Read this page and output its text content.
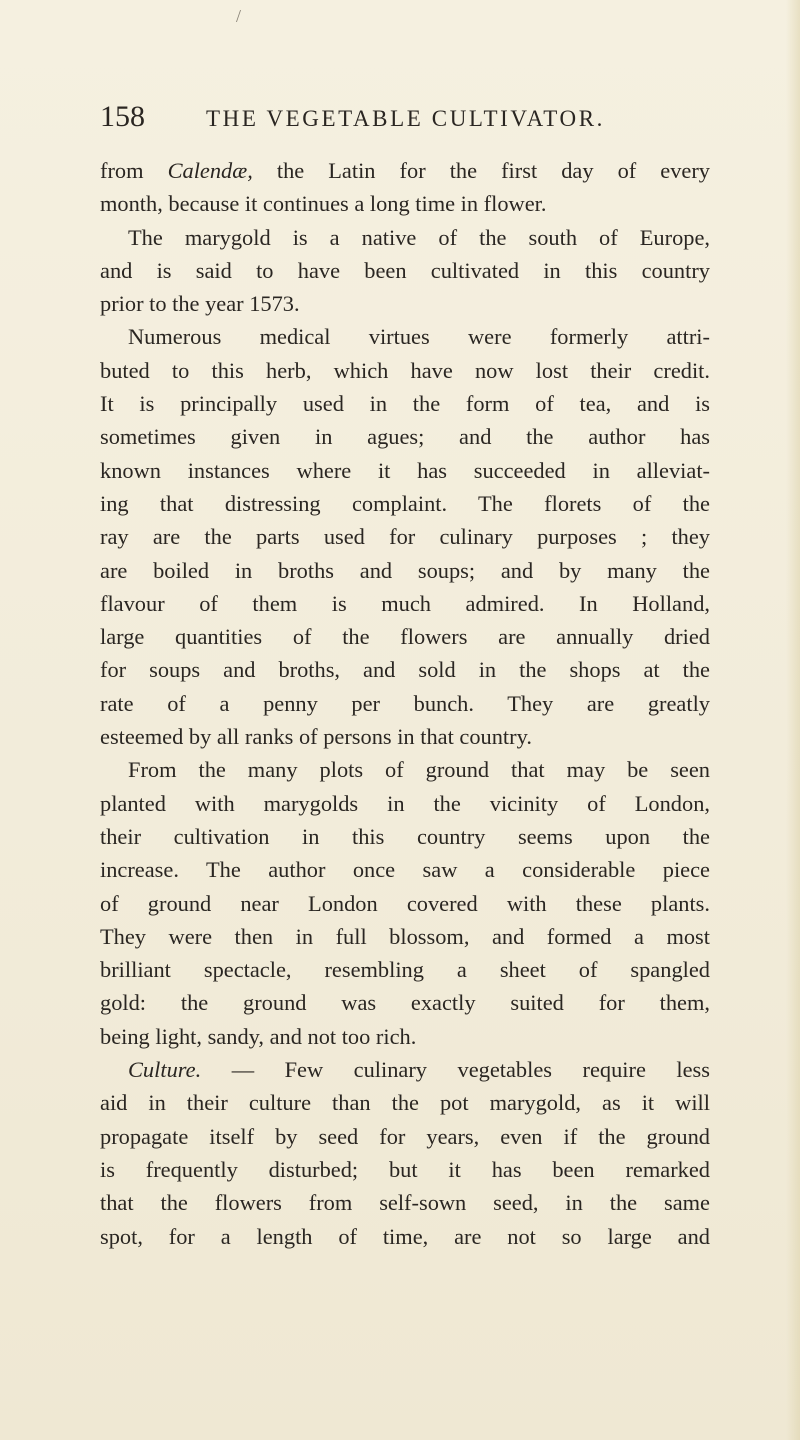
/
158	THE VEGETABLE CULTIVATOR.
from Calendæ, the Latin for the first day of every
month, because it continues a long time in flower.
The marygold is a native of the south of Europe,
and is said to have been cultivated in this country
prior to the year 1573.
Numerous medical virtues were formerly attri-
buted to this herb, which have now lost their credit.
It is principally used in the form of tea, and is
sometimes given in agues; and the author has
known instances where it has succeeded in alleviat-
ing that distressing complaint. The florets of the
ray are the parts used for culinary purposes ; they
are boiled in broths and soups; and by many the
flavour of them is much admired. In Holland,
large quantities of the flowers are annually dried
for soups and broths, and sold in the shops at the
rate of a penny per bunch. They are greatly
esteemed by all ranks of persons in that country.
From the many plots of ground that may be seen
planted with marygolds in the vicinity of London,
their cultivation in this country seems upon the
increase. The author once saw a considerable piece
of ground near London covered with these plants.
They were then in full blossom, and formed a most
brilliant spectacle, resembling a sheet of spangled
gold: the ground was exactly suited for them,
being light, sandy, and not too rich.
Culture. — Few culinary vegetables require less
aid in their culture than the pot marygold, as it will
propagate itself by seed for years, even if the ground
is frequently disturbed; but it has been remarked
that the flowers from self-sown seed, in the same
spot, for a length of time, are not so large and
